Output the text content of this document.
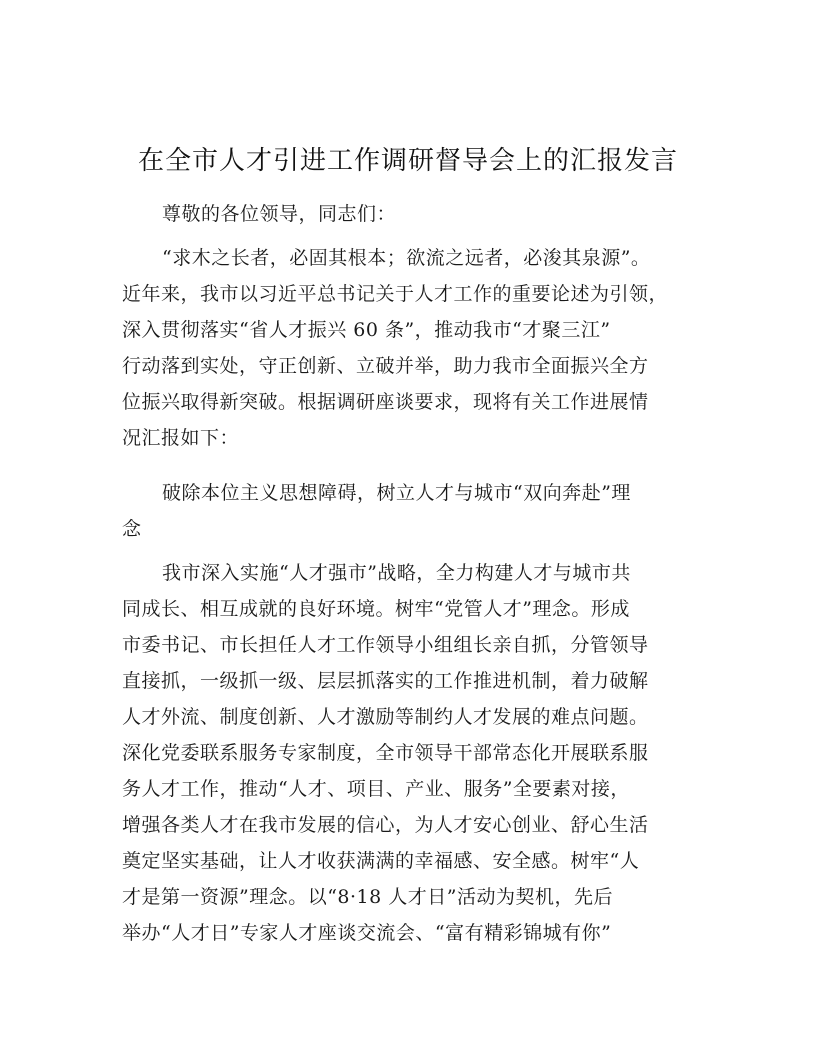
在全市人才引进工作调研督导会上的汇报发言

尊敬的各位领导，同志们：

“求木之长者，必固其根本；欲流之远者，必浚其泉源”。
近年来，我市以习近平总书记关于人才工作的重要论述为引领，
深入贯彻落实“省人才振兴 60 条”，推动我市“才聚三江”
行动落到实处，守正创新、立破并举，助力我市全面振兴全方
位振兴取得新突破。根据调研座谈要求，现将有关工作进展情
况汇报如下：
破除本位主义思想障碍，树立人才与城市“双向奔赴”理
念
我市深入实施“人才强市”战略，全力构建人才与城市共
同成长、相互成就的良好环境。树牢“党管人才”理念。形成
市委书记、市长担任人才工作领导小组组长亲自抓，分管领导
直接抓，一级抓一级、层层抓落实的工作推进机制，着力破解
人才外流、制度创新、人才激励等制约人才发展的难点问题。
深化党委联系服务专家制度，全市领导干部常态化开展联系服
务人才工作，推动“人才、项目、产业、服务”全要素对接，
增强各类人才在我市发展的信心，为人才安心创业、舒心生活
奠定坚实基础，让人才收获满满的幸福感、安全感。树牢“人
才是第一资源”理念。以“8·18 人才日”活动为契机，先后
举办“人才日”专家人才座谈交流会、“富有精彩锦城有你”
